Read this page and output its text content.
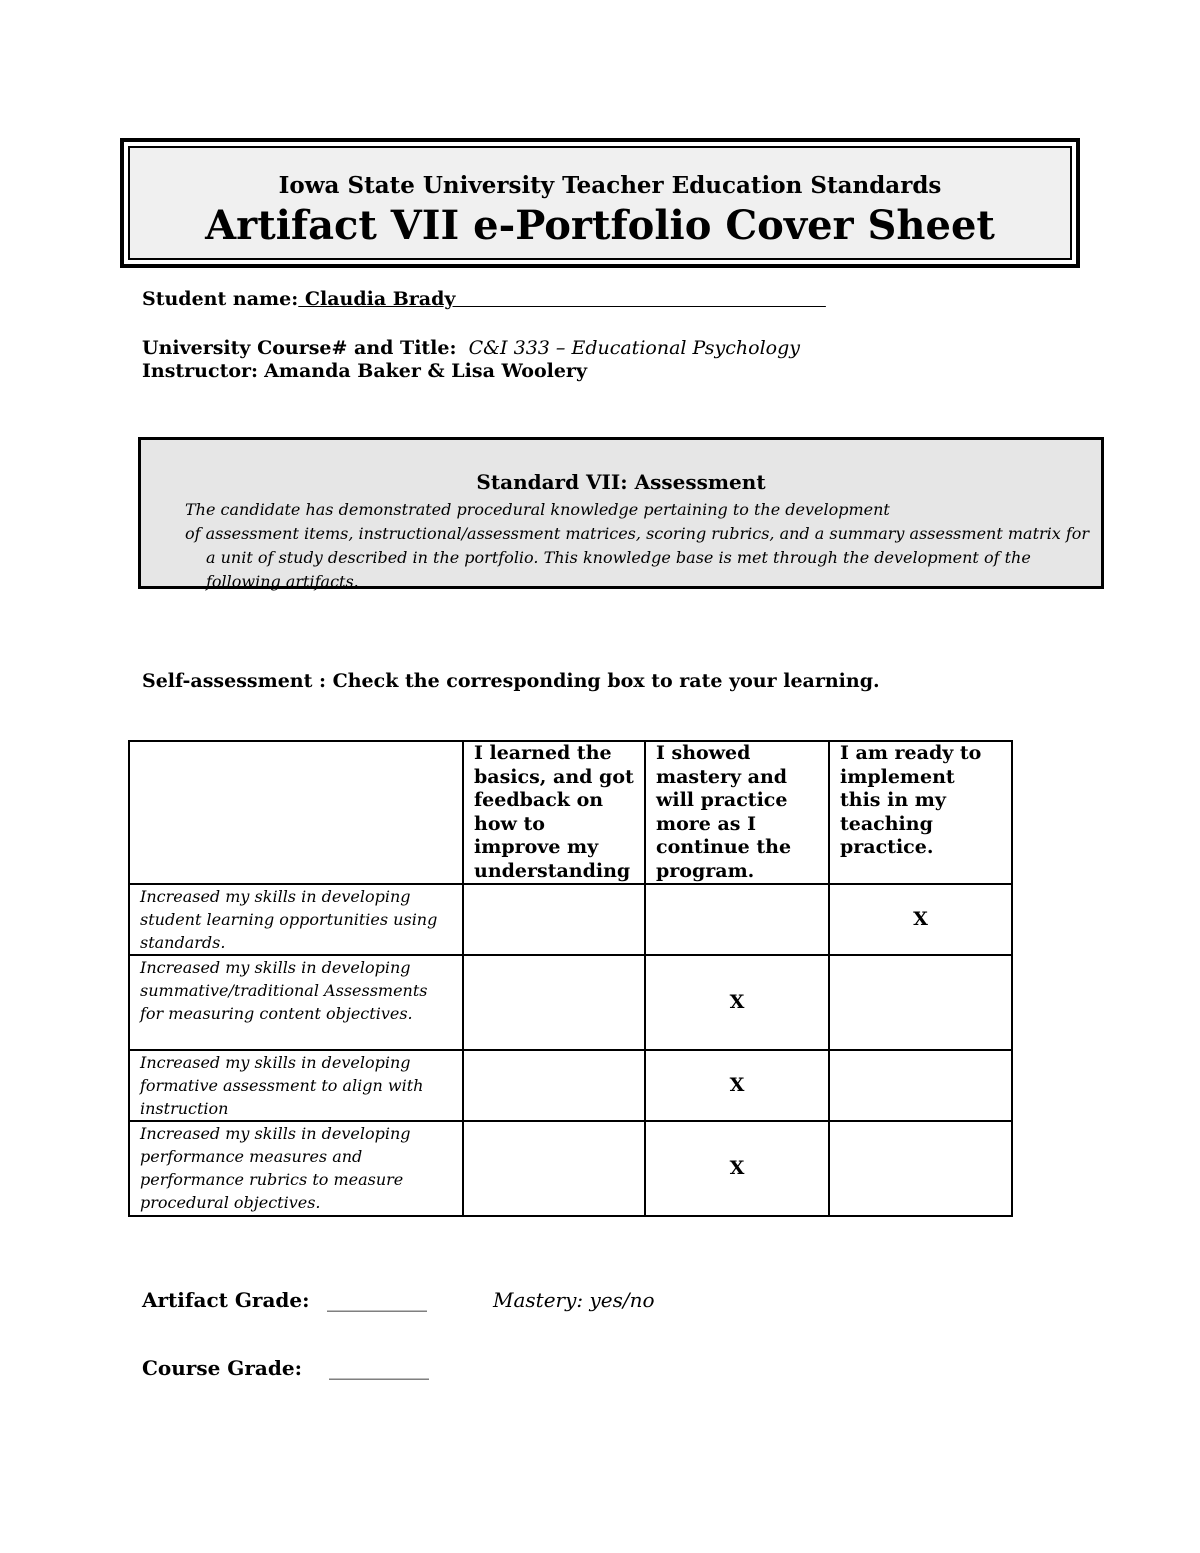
Iowa State University Teacher Education Standards
Artifact VII e-Portfolio Cover Sheet
Student name: Claudia Brady
University Course# and Title: C&I 333 – Educational Psychology
Instructor: Amanda Baker & Lisa Woolery
Standard VII: Assessment
The candidate has demonstrated procedural knowledge pertaining to the development
of assessment items, instructional/assessment matrices, scoring rubrics, and a summary assessment matrix for
a unit of study described in the portfolio. This knowledge base is met through the development of the
following artifacts.
Self-assessment : Check the corresponding box to rate your learning.
	I learned the basics, and got feedback on how to improve my understanding	I showed mastery and will practice more as I continue the program.	I am ready to implement this in my teaching practice.
Increased my skills in developing student learning opportunities using standards.			X
Increased my skills in developing summative/traditional Assessments for measuring content objectives.		X	
Increased my skills in developing formative assessment to align with instruction		X	
Increased my skills in developing performance measures and performance rubrics to measure procedural objectives.		X	
Artifact Grade: __________	Mastery: yes/no
Course Grade: __________
